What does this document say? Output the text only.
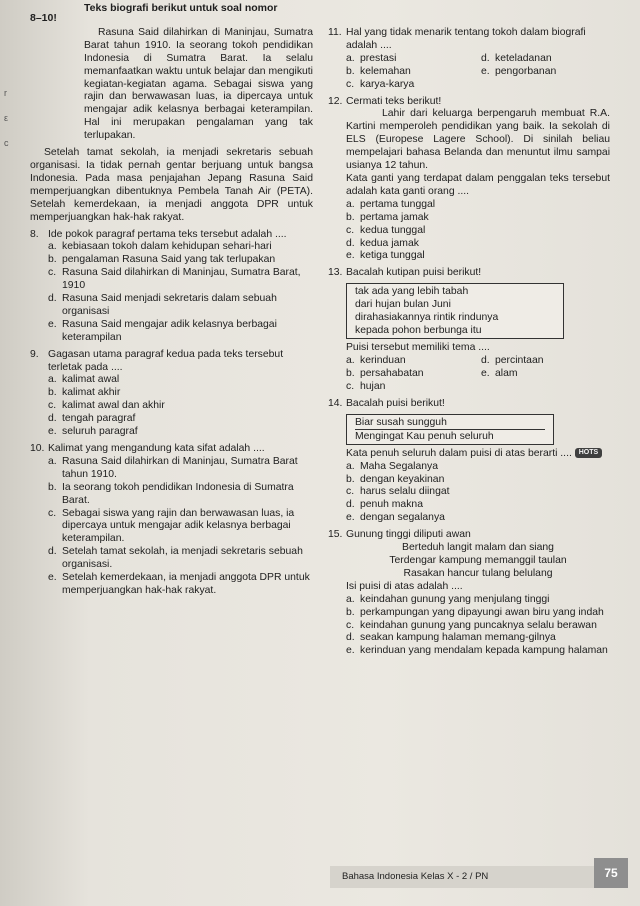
r
ε
c
Teks biografi berikut untuk soal nomor
8–10!

Rasuna Said dilahirkan di Maninjau, Sumatra Barat tahun 1910. Ia seorang tokoh pendidikan Indonesia di Sumatra Barat. Ia selalu memanfaatkan waktu untuk belajar dan mengikuti kegiatan-kegiatan agama. Sebagai siswa yang rajin dan berwawasan luas, ia dipercaya untuk mengajar adik kelasnya berbagai keterampilan. Hal ini merupakan pengalaman yang tak terlupakan.

Setelah tamat sekolah, ia menjadi sekretaris sebuah organisasi. Ia tidak pernah gentar berjuang untuk bangsa Indonesia. Pada masa penjajahan Jepang Rasuna Said memperjuangkan dibentuknya Pembela Tanah Air (PETA). Setelah kemerdekaan, ia menjadi anggota DPR untuk memperjuangkan hak-hak rakyat.

8. Ide pokok paragraf pertama teks tersebut adalah ....
a. kebiasaan tokoh dalam kehidupan sehari-hari
b. pengalaman Rasuna Said yang tak terlupakan
c. Rasuna Said dilahirkan di Maninjau, Sumatra Barat, 1910
d. Rasuna Said menjadi sekretaris dalam sebuah organisasi
e. Rasuna Said mengajar adik kelasnya berbagai keterampilan
9. Gagasan utama paragraf kedua pada teks tersebut terletak pada ....
a. kalimat awal
b. kalimat akhir
c. kalimat awal dan akhir
d. tengah paragraf
e. seluruh paragraf
10. Kalimat yang mengandung kata sifat adalah ....
a. Rasuna Said dilahirkan di Maninjau, Sumatra Barat tahun 1910.
b. Ia seorang tokoh pendidikan Indonesia di Sumatra Barat.
c. Sebagai siswa yang rajin dan berwawasan luas, ia dipercaya untuk mengajar adik kelasnya berbagai keterampilan.
d. Setelah tamat sekolah, ia menjadi sekretaris sebuah organisasi.
e. Setelah kemerdekaan, ia menjadi anggota DPR untuk memperjuangkan hak-hak rakyat.
11. Hal yang tidak menarik tentang tokoh dalam biografi adalah ....
a. prestasi	d. keteladanan
b. kelemahan	e. pengorbanan
c. karya-karya
12. Cermati teks berikut!

Lahir dari keluarga berpengaruh membuat R.A. Kartini memperoleh pendidikan yang baik. Ia sekolah di ELS (Europese Lagere School). Di sinilah beliau mempelajari bahasa Belanda dan menuntut ilmu sampai usianya 12 tahun.

Kata ganti yang terdapat dalam penggalan teks tersebut adalah kata ganti orang ....

a. pertama tunggal
b. pertama jamak
c. kedua tunggal
d. kedua jamak
e. ketiga tunggal
13. Bacalah kutipan puisi berikut!

tak ada yang lebih tabah

dari hujan bulan Juni

dirahasiakannya rintik rindunya

kepada pohon berbunga itu

Puisi tersebut memiliki tema ....

a. kerinduan	d. percintaan
b. persahabatan	e. alam
c. hujan
14. Bacalah puisi berikut!

Biar susah sungguh

Mengingat Kau penuh seluruh

Kata penuh seluruh dalam puisi di atas berarti .... HOTS

a. Maha Segalanya
b. dengan keyakinan
c. harus selalu diingat
d. penuh makna
e. dengan segalanya
15. Gunung tinggi diliputi awan

Berteduh langit malam dan siang

Terdengar kampung memanggil taulan

Rasakan hancur tulang belulang

Isi puisi di atas adalah ....

a. keindahan gunung yang menjulang tinggi
b. perkampungan yang dipayungi awan biru yang indah
c. keindahan gunung yang puncaknya selalu berawan
d. seakan kampung halaman memang-gilnya
e. kerinduan yang mendalam kepada kampung halaman
Bahasa Indonesia Kelas X - 2 / PN	75
